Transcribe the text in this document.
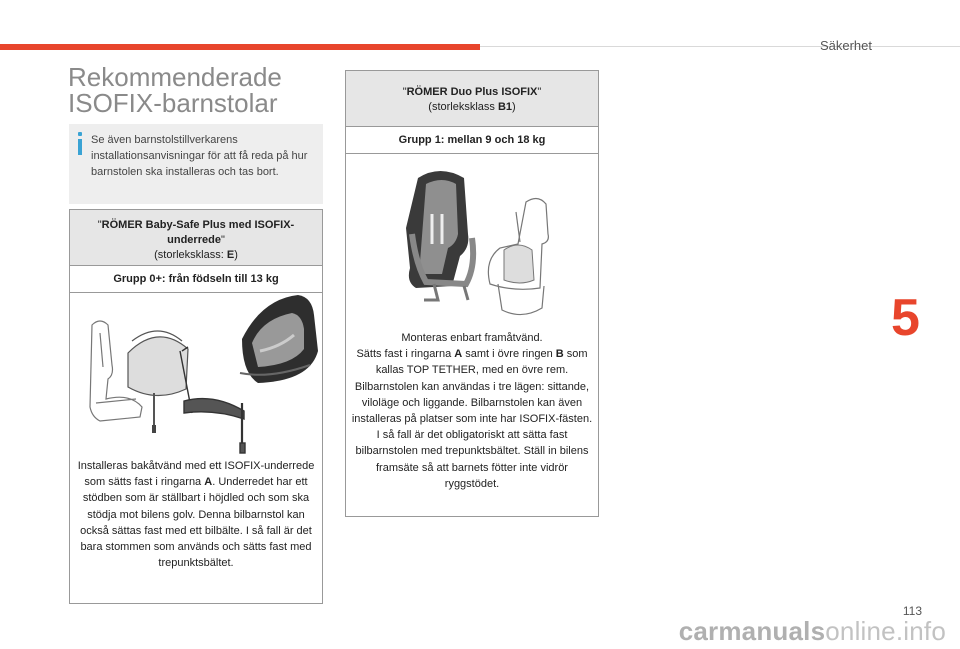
Säkerhet
5
Rekommenderade
ISOFIX-barnstolar
Se även barnstolstillverkarens installationsanvisningar för att få reda på hur barnstolen ska installeras och tas bort.
"RÖMER Baby-Safe Plus med ISOFIX-underrede"
(storleksklass: E)
Grupp 0+: från födseln till 13 kg
Installeras bakåtvänd med ett ISOFIX-underrede som sätts fast i ringarna A. Underredet har ett stödben som är ställbart i höjdled och som ska stödja mot bilens golv. Denna bilbarnstol kan också sättas fast med ett bilbälte. I så fall är det bara stommen som används och sätts fast med trepunktsbältet.
"RÖMER Duo Plus ISOFIX"
(storleksklass B1)
Grupp 1: mellan 9 och 18 kg
Monteras enbart framåtvänd.
Sätts fast i ringarna A samt i övre ringen B som kallas TOP TETHER, med en övre rem. Bilbarnstolen kan användas i tre lägen: sittande, viloläge och liggande. Bilbarnstolen kan även installeras på platser som inte har ISOFIX-fästen. I så fall är det obligatoriskt att sätta fast bilbarnstolen med trepunktsbältet. Ställ in bilens framsäte så att barnets fötter inte vidrör ryggstödet.
113
carmanualsonline.info
